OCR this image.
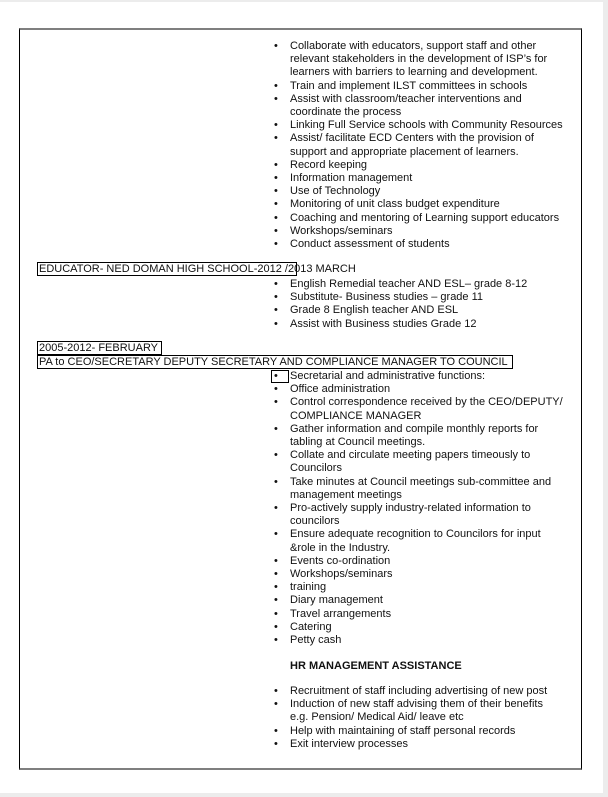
• Collaborate with educators, support staff and other
relevant stakeholders in the development of ISP’s for
learners with barriers to learning and development.
• Train and implement ILST committees in schools
• Assist with classroom/teacher interventions and
coordinate the process
• Linking Full Service schools with Community Resources
• Assist/ facilitate ECD Centers with the provision of
support and appropriate placement of learners.
• Record keeping
• Information management
• Use of Technology
• Monitoring of unit class budget expenditure
• Coaching and mentoring of Learning support educators
• Workshops/seminars
• Conduct assessment of students
EDUCATOR- NED DOMAN HIGH SCHOOL-2012 /2013 MARCH
• English Remedial teacher AND ESL– grade 8-12
• Substitute- Business studies – grade 11
• Grade 8 English teacher AND ESL
• Assist with Business studies Grade 12
2005-2012- FEBRUARY
PA to CEO/SECRETARY DEPUTY SECRETARY AND COMPLIANCE MANAGER TO COUNCIL
•	Secretarial and administrative functions:
• Office administration
• Control correspondence received by the CEO/DEPUTY/
COMPLIANCE MANAGER
• Gather information and compile monthly reports for
tabling at Council meetings.
• Collate and circulate meeting papers timeously to
Councilors
• Take minutes at Council meetings sub-committee and
management meetings
• Pro-actively supply industry-related information to
councilors
• Ensure adequate recognition to Councilors for input
&role in the Industry.
• Events co-ordination
• Workshops/seminars
• training
• Diary management
• Travel arrangements
• Catering
• Petty cash
HR MANAGEMENT ASSISTANCE
• Recruitment of staff including advertising of new post
• Induction of new staff advising them of their benefits
e.g. Pension/ Medical Aid/ leave etc
• Help with maintaining of staff personal records
• Exit interview processes
